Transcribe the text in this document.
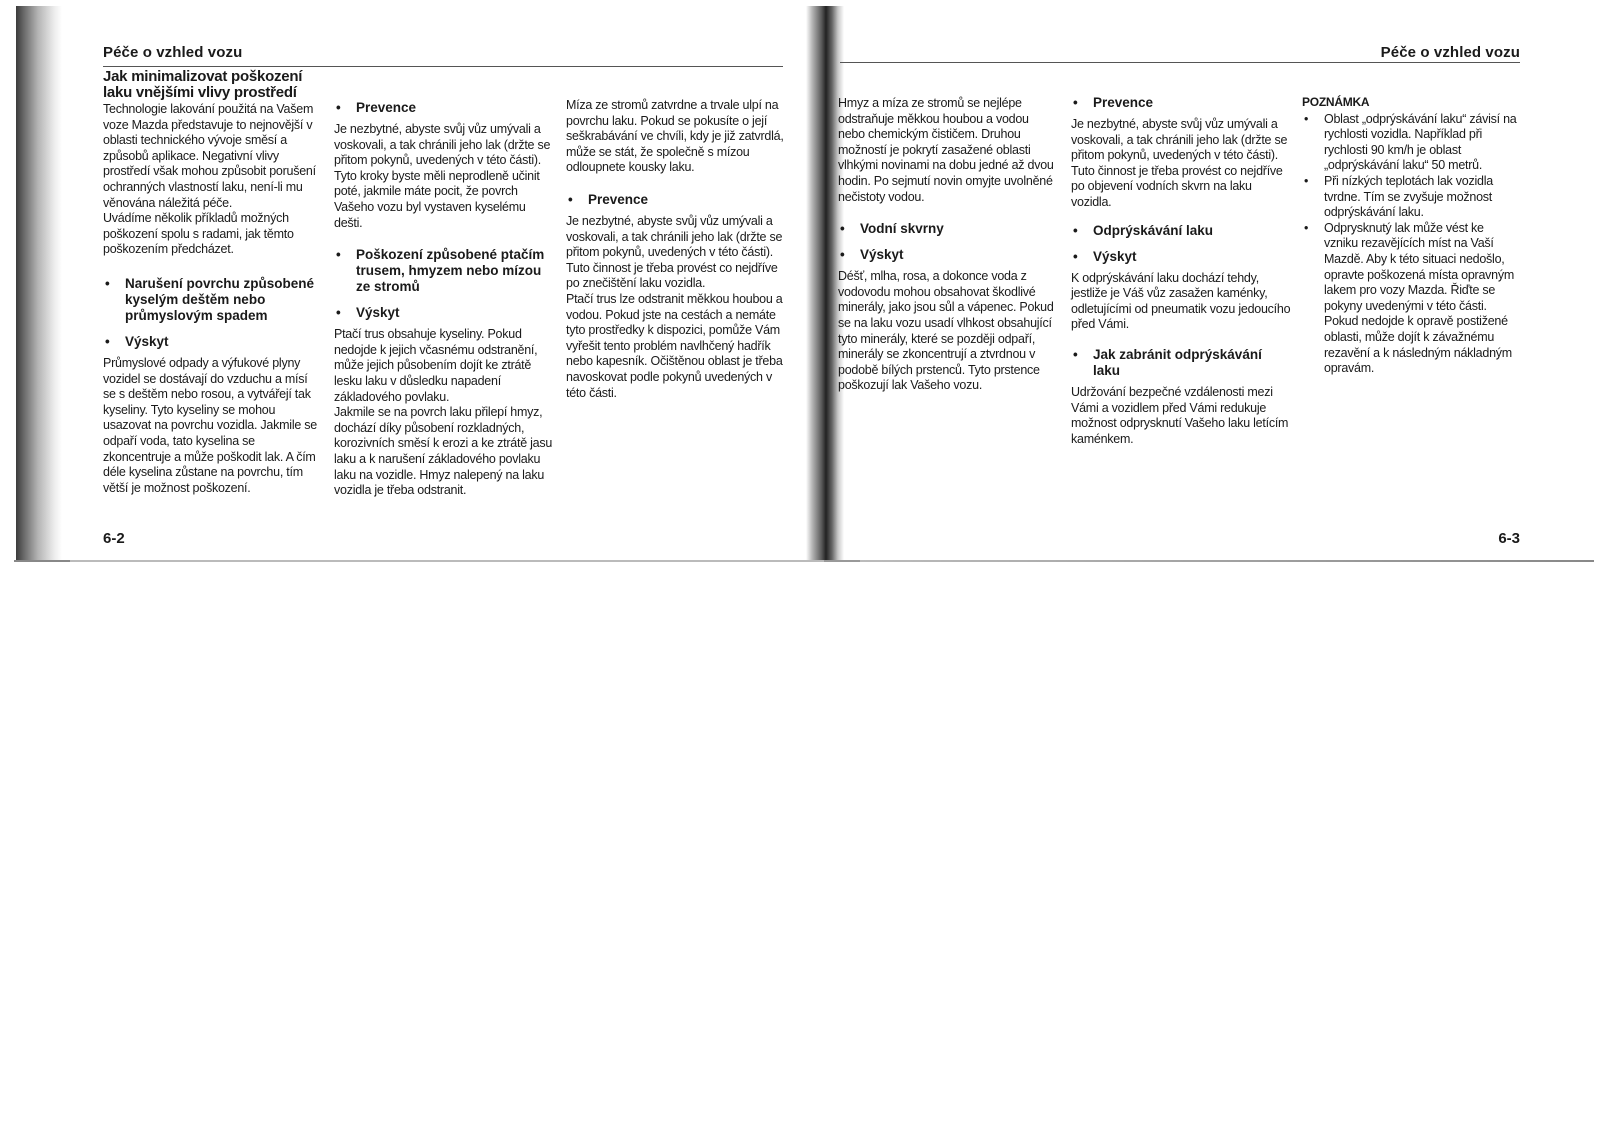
Péče o vzhled vozu
6-2
Jak minimalizovat poškození laku vnějšími vlivy prostředí

Technologie lakování použitá na Vašem voze Mazda představuje to nejnovější v oblasti technického vývoje směsí a způsobů aplikace. Negativní vlivy prostředí však mohou způsobit porušení ochranných vlastností laku, není-li mu věnována náležitá péče.

Uvádíme několik příkladů možných poškození spolu s radami, jak těmto poškozením předcházet.

• Narušení povrchu způsobené kyselým deštěm nebo průmyslovým spadem
• Výskyt

Průmyslové odpady a výfukové plyny vozidel se dostávají do vzduchu a mísí se s deštěm nebo rosou, a vytvářejí tak kyseliny. Tyto kyseliny se mohou usazovat na povrchu vozidla. Jakmile se odpaří voda, tato kyselina se zkoncentruje a může poškodit lak. A čím déle kyselina zůstane na povrchu, tím větší je možnost poškození.

• Prevence

Je nezbytné, abyste svůj vůz umývali a voskovali, a tak chránili jeho lak (držte se přitom pokynů, uvedených v této části). Tyto kroky byste měli neprodleně učinit poté, jakmile máte pocit, že povrch Vašeho vozu byl vystaven kyselému dešti.

• Poškození způsobené ptačím trusem, hmyzem nebo mízou ze stromů
• Výskyt

Ptačí trus obsahuje kyseliny. Pokud nedojde k jejich včasnému odstranění, může jejich působením dojít ke ztrátě lesku laku v důsledku napadení základového povlaku.

Jakmile se na povrch laku přilepí hmyz, dochází díky působení rozkladných, korozivních směsí k erozi a ke ztrátě jasu laku a k narušení základového povlaku laku na vozidle. Hmyz nalepený na laku vozidla je třeba odstranit.

Míza ze stromů zatvrdne a trvale ulpí na povrchu laku. Pokud se pokusíte o její seškrabávání ve chvíli, kdy je již zatvrdlá, může se stát, že společně s mízou odloupnete kousky laku.

• Prevence

Je nezbytné, abyste svůj vůz umývali a voskovali, a tak chránili jeho lak (držte se přitom pokynů, uvedených v této části). Tuto činnost je třeba provést co nejdříve po znečištění laku vozidla.

Ptačí trus lze odstranit měkkou houbou a vodou. Pokud jste na cestách a nemáte tyto prostředky k dispozici, pomůže Vám vyřešit tento problém navlhčený hadřík nebo kapesník. Očištěnou oblast je třeba navoskovat podle pokynů uvedených v této části.

Péče o vzhled vozu
6-3

Hmyz a míza ze stromů se nejlépe odstraňuje měkkou houbou a vodou nebo chemickým čističem. Druhou možností je pokrytí zasažené oblasti vlhkými novinami na dobu jedné až dvou hodin. Po sejmutí novin omyjte uvolněné nečistoty vodou.

• Vodní skvrny
• Výskyt

Déšť, mlha, rosa, a dokonce voda z vodovodu mohou obsahovat škodlivé minerály, jako jsou sůl a vápenec. Pokud se na laku vozu usadí vlhkost obsahující tyto minerály, které se později odpaří, minerály se zkoncentrují a ztvrdnou v podobě bílých prstenců. Tyto prstence poškozují lak Vašeho vozu.

• Prevence

Je nezbytné, abyste svůj vůz umývali a voskovali, a tak chránili jeho lak (držte se přitom pokynů, uvedených v této části). Tuto činnost je třeba provést co nejdříve po objevení vodních skvrn na laku vozidla.

• Odprýskávání laku
• Výskyt

K odprýskávání laku dochází tehdy, jestliže je Váš vůz zasažen kaménky, odletujícími od pneumatik vozu jedoucího před Vámi.

• Jak zabránit odprýskávání laku

Udržování bezpečné vzdálenosti mezi Vámi a vozidlem před Vámi redukuje možnost odprysknutí Vašeho laku letícím kaménkem.

POZNÁMKA

• Oblast „odprýskávání laku“ závisí na rychlosti vozidla. Například při rychlosti 90 km/h je oblast „odprýskávání laku“ 50 metrů.

• Při nízkých teplotách lak vozidla tvrdne. Tím se zvyšuje možnost odprýskávání laku.

• Odprysknutý lak může vést ke vzniku rezavějících míst na Vaší Mazdě. Aby k této situaci nedošlo, opravte poškozená místa opravným lakem pro vozy Mazda. Řiďte se pokyny uvedenými v této části. Pokud nedojde k opravě postižené oblasti, může dojít k závažnému rezavění a k následným nákladným opravám.
